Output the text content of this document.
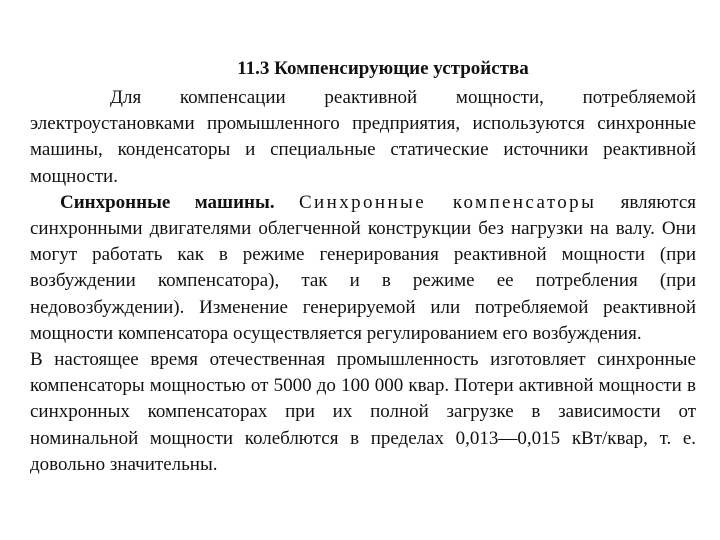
11.3 Компенсирующие устройства

Для компенсации реактивной мощности, потребляемой электроустановками промышленного предприятия, используются синхронные машины, конденсаторы и специальные статические источники реактивной мощности.

Синхронные машины. Синхронные компенсаторы являются синхронными двигателями облегченной конструкции без нагрузки на валу. Они могут работать как в режиме генерирования реактивной мощности (при возбуждении компенсатора), так и в режиме ее потребления (при недовозбуждении). Изменение генерируемой или потребляемой реактивной мощности компенсатора осуществляется регулированием его возбуждения.

В настоящее время отечественная промышленность изготовляет синхронные компенсаторы мощностью от 5000 до 100 000 квар. Потери активной мощности в синхронных компенсаторах при их полной загрузке в зависимости от номинальной мощности колеблются в пределах 0,013—0,015 кВт/квар, т. е. довольно значительны.
